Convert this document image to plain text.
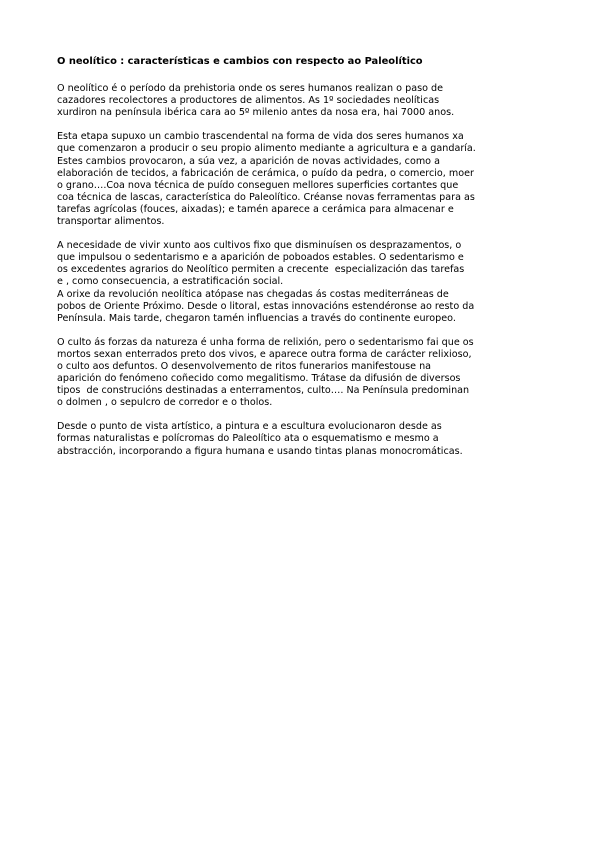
O neolítico : características e cambios con respecto ao Paleolítico
O neolítico é o período da prehistoria onde os seres humanos realizan o paso de
cazadores recolectores a productores de alimentos. As 1º sociedades neolíticas
xurdiron na península ibérica cara ao 5º milenio antes da nosa era, hai 7000 anos.
Esta etapa supuxo un cambio trascendental na forma de vida dos seres humanos xa
que comenzaron a producir o seu propio alimento mediante a agricultura e a gandaría.
Estes cambios provocaron, a súa vez, a aparición de novas actividades, como a
elaboración de tecidos, a fabricación de cerámica, o puído da pedra, o comercio, moer
o grano….Coa nova técnica de puído conseguen mellores superficies cortantes que
coa técnica de lascas, característica do Paleolítico. Créanse novas ferramentas para as
tarefas agrícolas (fouces, aixadas); e tamén aparece a cerámica para almacenar e
transportar alimentos.
A necesidade de vivir xunto aos cultivos fixo que disminuísen os desprazamentos, o
que impulsou o sedentarismo e a aparición de poboados estables. O sedentarismo e
os excedentes agrarios do Neolítico permiten a crecente  especialización das tarefas
e , como consecuencia, a estratificación social.
A orixe da revolución neolítica atópase nas chegadas ás costas mediterráneas de
pobos de Oriente Próximo. Desde o litoral, estas innovacións estendéronse ao resto da
Península. Mais tarde, chegaron tamén influencias a través do continente europeo.
O culto ás forzas da natureza é unha forma de relixión, pero o sedentarismo fai que os
mortos sexan enterrados preto dos vivos, e aparece outra forma de carácter relixioso,
o culto aos defuntos. O desenvolvemento de ritos funerarios manifestouse na
aparición do fenómeno coñecido como megalitismo. Trátase da difusión de diversos
tipos  de construcións destinadas a enterramentos, culto…. Na Península predominan
o dolmen , o sepulcro de corredor e o tholos.
Desde o punto de vista artístico, a pintura e a escultura evolucionaron desde as
formas naturalistas e polícromas do Paleolítico ata o esquematismo e mesmo a
abstracción, incorporando a figura humana e usando tintas planas monocromáticas.
